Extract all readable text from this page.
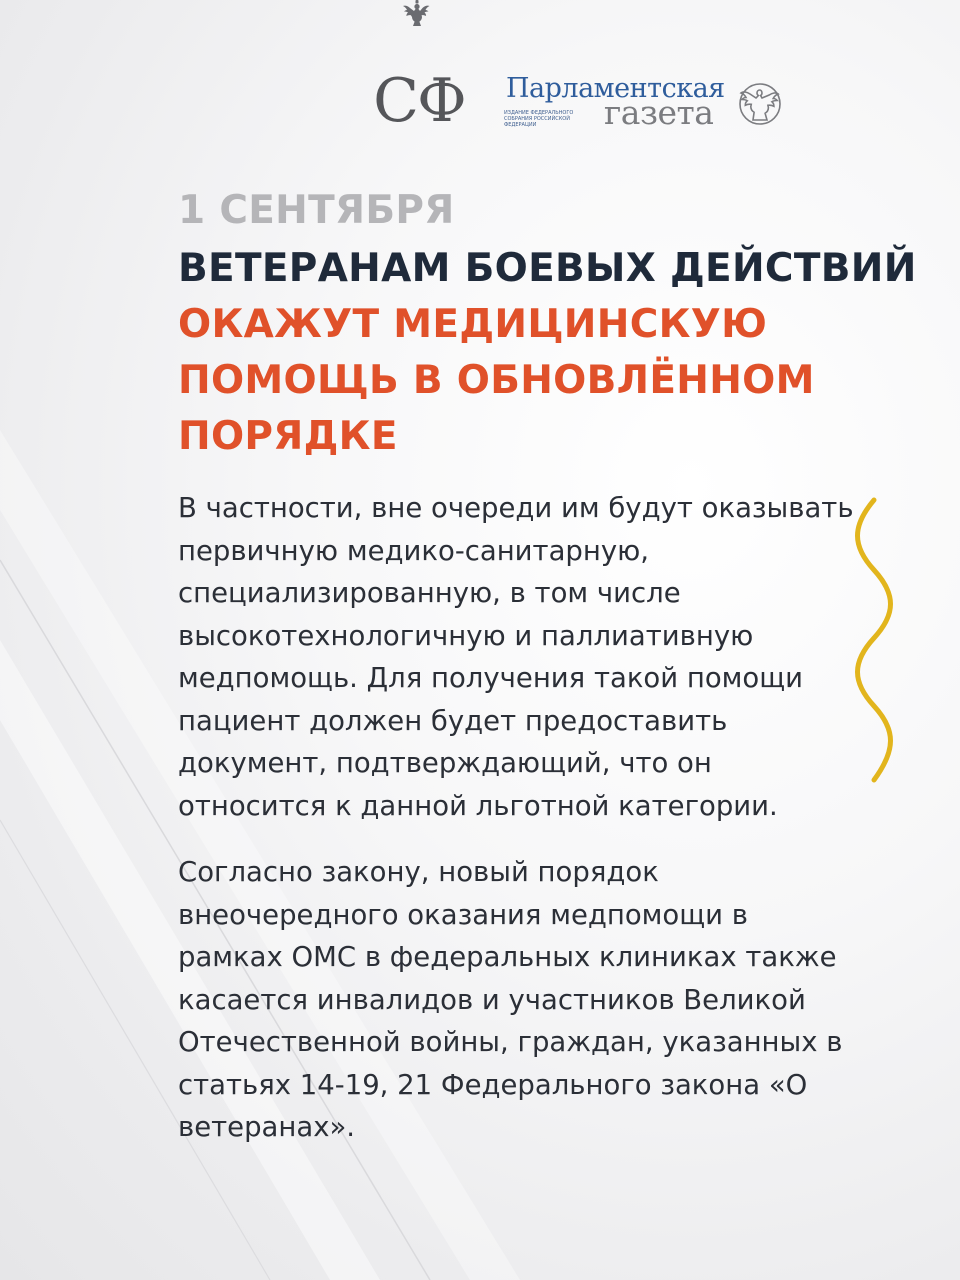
СФ	Парламентская
газета
ИЗДАНИЕ ФЕДЕРАЛЬНОГО СОБРАНИЯ РОССИЙСКОЙ ФЕДЕРАЦИИ
1 СЕНТЯБРЯ
ВЕТЕРАНАМ БОЕВЫХ ДЕЙСТВИЙ
ОКАЖУТ МЕДИЦИНСКУЮ ПОМОЩЬ В ОБНОВЛЁННОМ ПОРЯДКЕ

В частности, вне очереди им будут оказывать первичную медико-санитарную, специализированную, в том числе высокотехнологичную и паллиативную медпомощь. Для получения такой помощи пациент должен будет предоставить документ, подтверждающий, что он относится к данной льготной категории.

Согласно закону, новый порядок внеочередного оказания медпомощи в рамках ОМС в федеральных клиниках также касается инвалидов и участников Великой Отечественной войны, граждан, указанных в статьях 14-19, 21 Федерального закона «О ветеранах».
